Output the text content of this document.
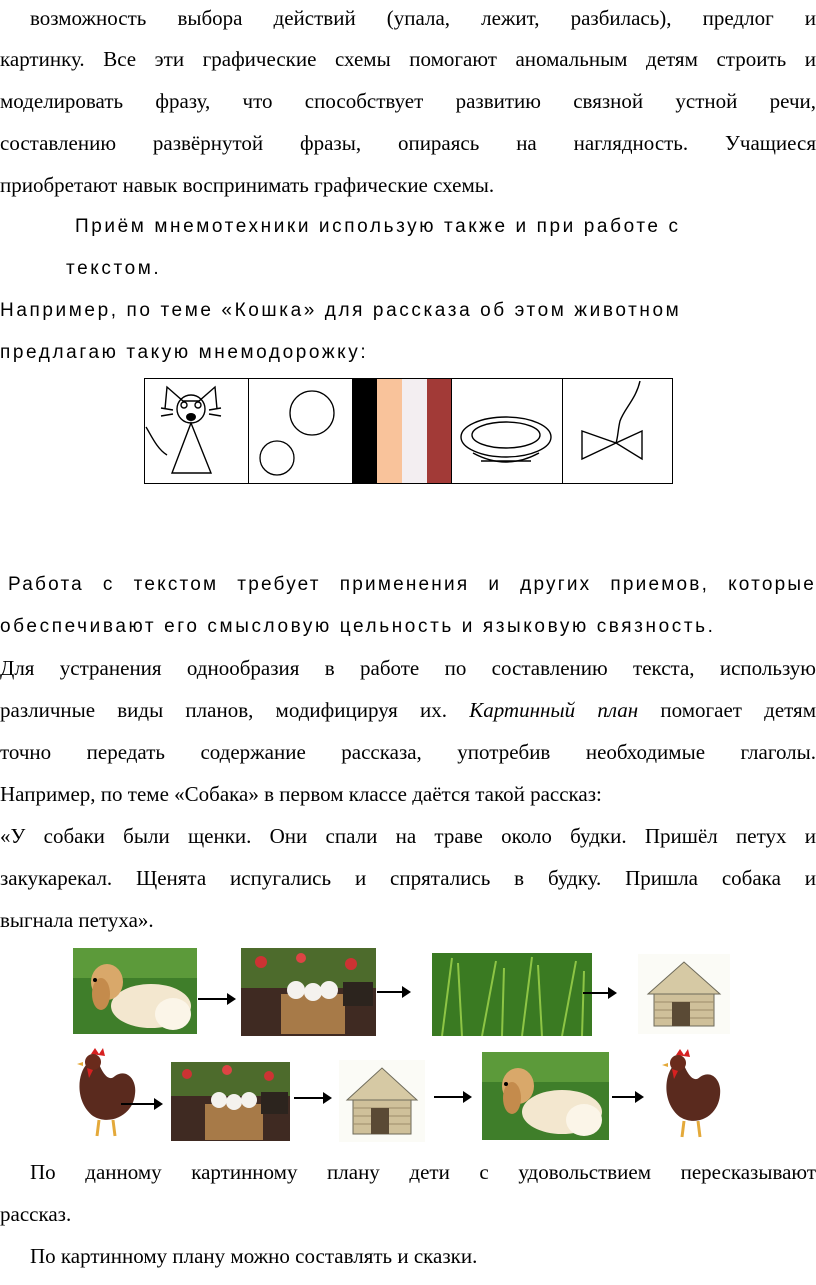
возможность выбора действий (упала, лежит, разбилась), предлог и
картинку. Все эти графические схемы помогают аномальным детям строить и
моделировать фразу, что способствует развитию связной устной речи,
составлению развёрнутой фразы, опираясь на наглядность. Учащиеся
приобретают навык воспринимать графические схемы.
Приём мнемотехники использую также и при работе с
текстом.
Например, по теме «Кошка» для рассказа об этом животном
предлагаю такую мнемодорожку:
Работа с текстом требует применения и других приемов, которые
обеспечивают его смысловую цельность и языковую связность.
Для устранения однообразия в работе по составлению текста, использую
различные виды планов, модифицируя их. Картинный план помогает детям
точно передать содержание рассказа, употребив необходимые глаголы.
Например, по теме «Собака» в первом классе даётся такой рассказ:
«У собаки были щенки. Они спали на траве около будки. Пришёл петух и
закукарекал. Щенята испугались и спрятались в будку. Пришла собака и
выгнала петуха».
По данному картинному плану дети с удовольствием пересказывают
рассказ.
По картинному плану можно составлять и сказки.
